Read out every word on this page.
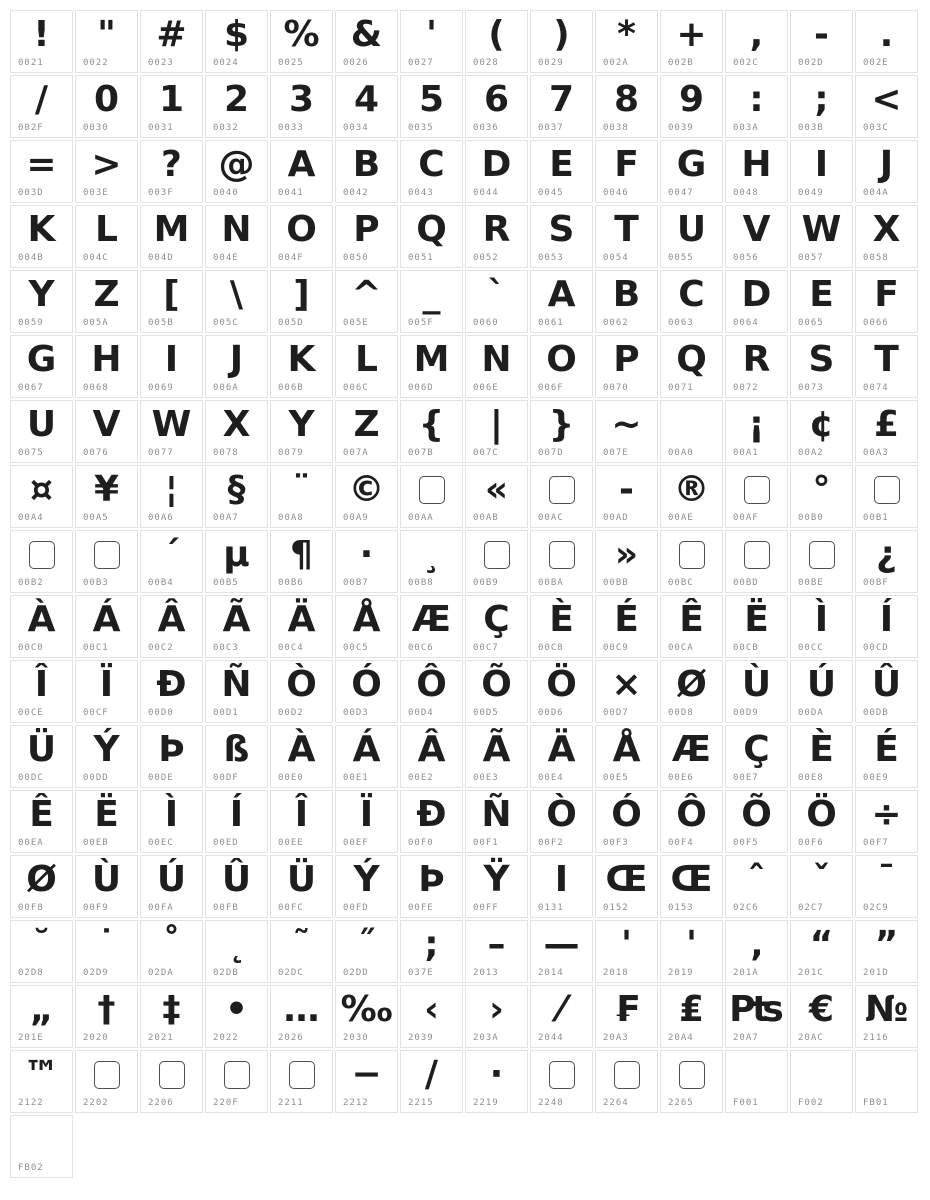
!
0021
"
0022
#
0023
$
0024
%
0025
&
0026
'
0027
(
0028
)
0029
*
002A
+
002B
,
002C
-
002D
.
002E
/
002F
0
0030
1
0031
2
0032
3
0033
4
0034
5
0035
6
0036
7
0037
8
0038
9
0039
:
003A
;
003B
<
003C
=
003D
>
003E
?
003F
@
0040
A
0041
B
0042
C
0043
D
0044
E
0045
F
0046
G
0047
H
0048
I
0049
J
004A
K
004B
L
004C
M
004D
N
004E
O
004F
P
0050
Q
0051
R
0052
S
0053
T
0054
U
0055
V
0056
W
0057
X
0058
Y
0059
Z
005A
[
005B
\
005C
]
005D
^
005E
_
005F
`
0060
A
0061
B
0062
C
0063
D
0064
E
0065
F
0066
G
0067
H
0068
I
0069
J
006A
K
006B
L
006C
M
006D
N
006E
O
006F
P
0070
Q
0071
R
0072
S
0073
T
0074
U
0075
V
0076
W
0077
X
0078
Y
0079
Z
007A
{
007B
|
007C
}
007D
~
007E	00A0
¡
00A1
¢
00A2
£
00A3
¤
00A4
¥
00A5
¦
00A6
§
00A7
¨
00A8
©
00A9	00AA
«
00AB	00AC
-
00AD
®
00AE	00AF
°
00B0	00B1
00B2	00B3
´
00B4
µ
00B5
¶
00B6
·
00B7
¸
00B8	00B9	00BA
»
00BB	00BC	00BD	00BE
¿
00BF
À
00C0
Á
00C1
Â
00C2
Ã
00C3
Ä
00C4
Å
00C5
Æ
00C6
Ç
00C7
È
00C8
É
00C9
Ê
00CA
Ë
00CB
Ì
00CC
Í
00CD
Î
00CE
Ï
00CF
Ð
00D0
Ñ
00D1
Ò
00D2
Ó
00D3
Ô
00D4
Õ
00D5
Ö
00D6
×
00D7
Ø
00D8
Ù
00D9
Ú
00DA
Û
00DB
Ü
00DC
Ý
00DD
Þ
00DE
ß
00DF
À
00E0
Á
00E1
Â
00E2
Ã
00E3
Ä
00E4
Å
00E5
Æ
00E6
Ç
00E7
È
00E8
É
00E9
Ê
00EA
Ë
00EB
Ì
00EC
Í
00ED
Î
00EE
Ï
00EF
Ð
00F0
Ñ
00F1
Ò
00F2
Ó
00F3
Ô
00F4
Õ
00F5
Ö
00F6
÷
00F7
Ø
00F8
Ù
00F9
Ú
00FA
Û
00FB
Ü
00FC
Ý
00FD
Þ
00FE
Ÿ
00FF
I
0131
Œ
0152
Œ
0153
ˆ
02C6
ˇ
02C7
ˉ
02C9
˘
02D8
˙
02D9
˚
02DA
˛
02DB
˜
02DC
˝
02DD
;
037E
–
2013
—
2014
'
2018
'
2019
‚
201A
“
201C
”
201D
„
201E
†
2020
‡
2021
•
2022
…
2026
‰
2030
‹
2039
›
203A
⁄
2044
₣
20A3
₤
20A4
₧
20A7
€
20AC
№
2116
™
2122	2202	2206	220F	2211
−
2212
∕
2215
∙
2219	2248	2264	2265	F001	F002	FB01
FB02
